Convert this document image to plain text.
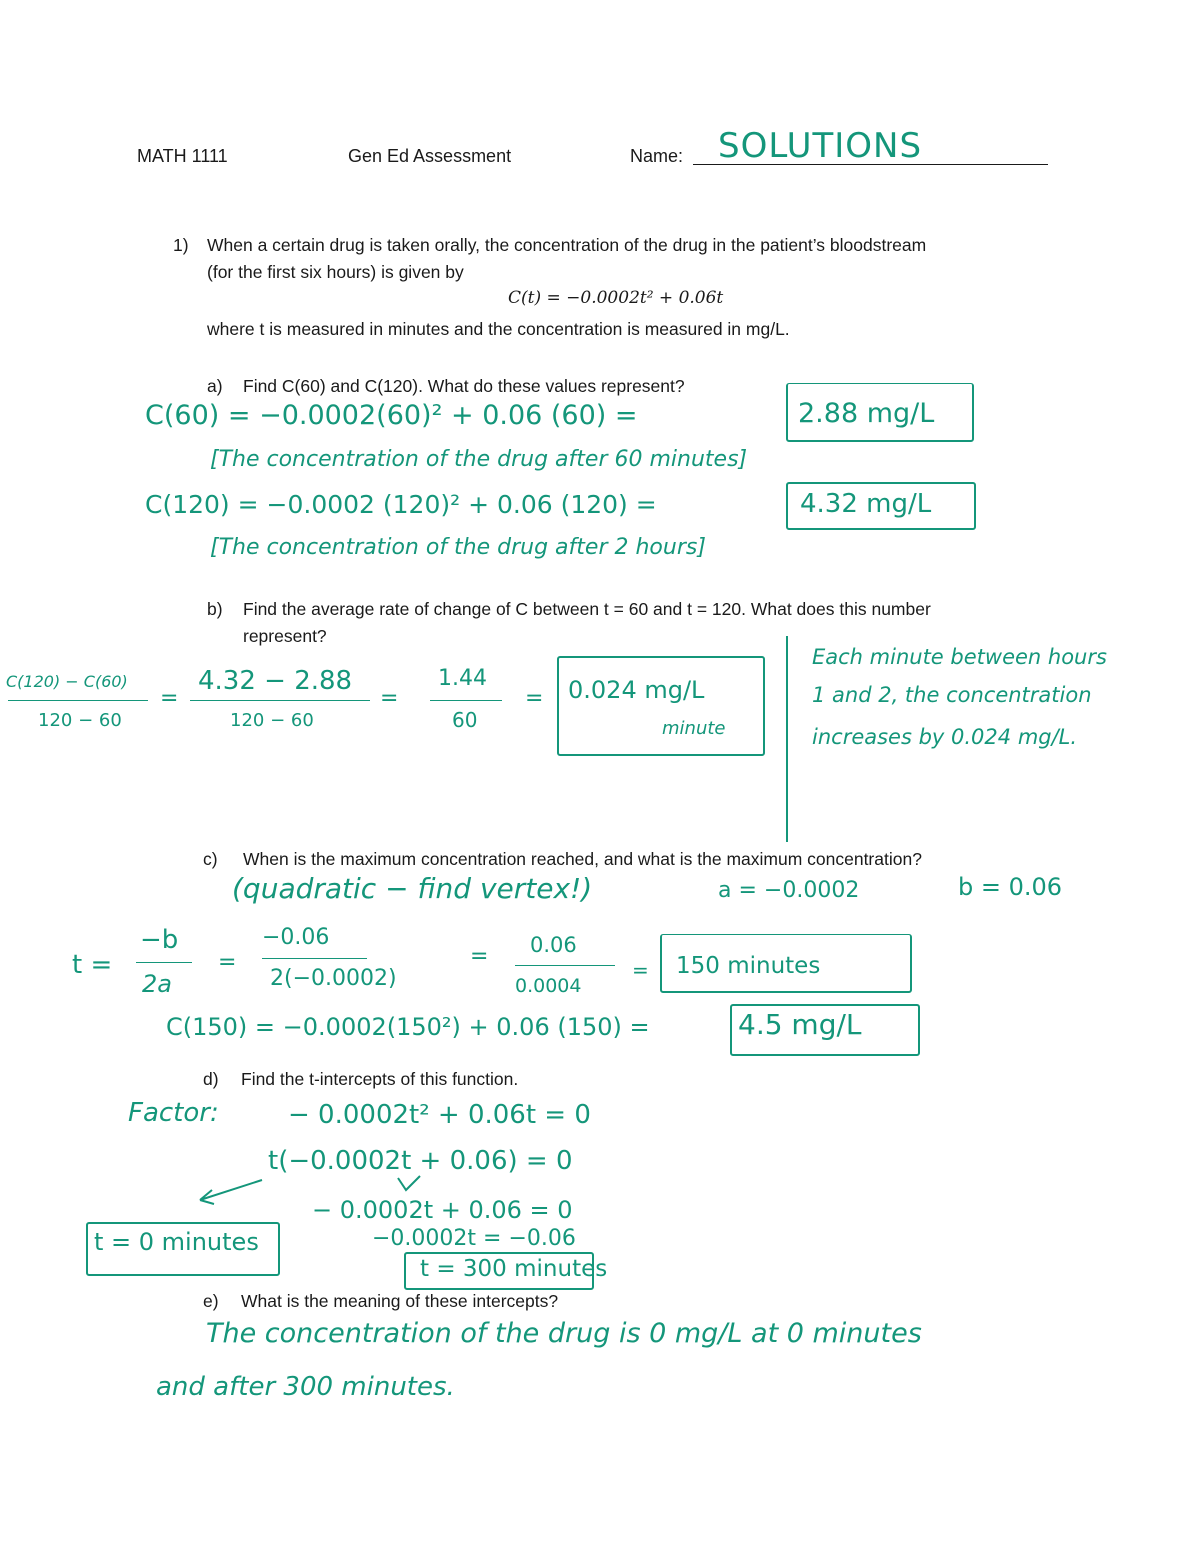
MATH 1111	Gen Ed Assessment	Name: SOLUTIONS
1) When a certain drug is taken orally, the concentration of the drug in the patient’s bloodstream
(for the first six hours) is given by
C(t) = −0.0002t² + 0.06t
where t is measured in minutes and the concentration is measured in mg/L.
a) Find C(60) and C(120). What do these values represent?
C(60) = −0.0002(60)² + 0.06 (60) =	2.88 mg/L
[The concentration of the drug after 60 minutes]
C(120) = −0.0002 (120)² + 0.06 (120) =	4.32 mg/L
[The concentration of the drug after 2 hours]
b) Find the average rate of change of C between t = 60 and t = 120. What does this number
represent?
C(120) − C(60)
120 − 60
=
4.32 − 2.88
120 − 60
=
1.44
60
= 0.024 mg/L
minute
Each minute between hours
1 and 2, the concentration
increases by 0.024 mg/L.
c) When is the maximum concentration reached, and what is the maximum concentration?
(quadratic − find vertex!)	a = −0.0002	b = 0.06
t =
−b
2a
=
−0.06
2(−0.0002)
= 0.06
0.0004
= 150 minutes
C(150) = −0.0002(150²) + 0.06 (150) =	4.5 mg/L
d) Find the t-intercepts of this function.
Factor:	− 0.0002t² + 0.06t = 0
t(−0.0002t + 0.06) = 0
− 0.0002t + 0.06 = 0
−0.0002t = −0.06
t = 0 minutes
t = 300 minutes
e) What is the meaning of these intercepts?
The concentration of the drug is 0 mg/L at 0 minutes
and after 300 minutes.
